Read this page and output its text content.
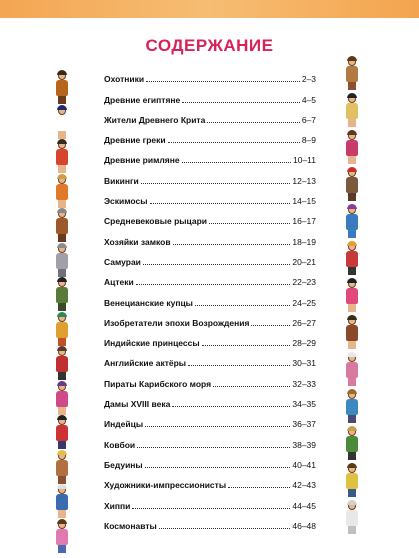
СОДЕРЖАНИЕ
Охотники	2–3
Древние египтяне	4–5
Жители Древнего Крита	6–7
Древние греки	8–9
Древние римляне	10–11
Викинги	12–13
Эскимосы	14–15
Средневековые рыцари	16–17
Хозяйки замков	18–19
Самураи	20–21
Ацтеки	22–23
Венецианские купцы	24–25
Изобретатели эпохи Возрождения	26–27
Индийские принцессы	28–29
Английские актёры	30–31
Пираты Карибского моря	32–33
Дамы XVIII века	34–35
Индейцы	36–37
Ковбои	38–39
Бедуины	40–41
Художники-импрессионисты	42–43
Хиппи	44–45
Космонавты	46–48
